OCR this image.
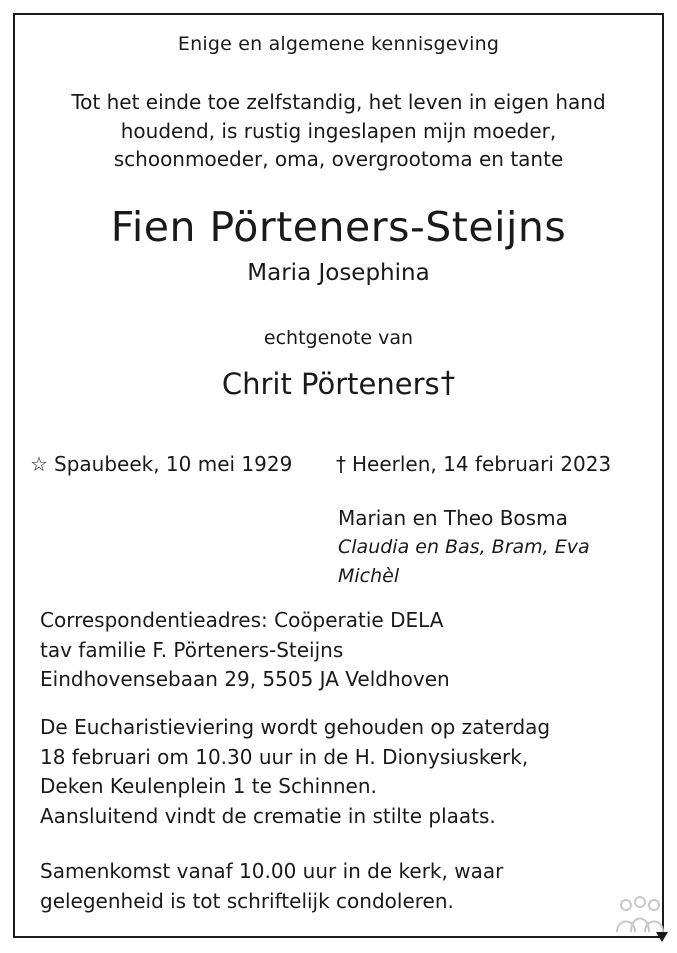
Enige en algemene kennisgeving
Tot het einde toe zelfstandig, het leven in eigen hand
houdend, is rustig ingeslapen mijn moeder,
schoonmoeder, oma, overgrootoma en tante
Fien Pörteners-Steijns
Maria Josephina
echtgenote van
Chrit Pörteners†
☆ Spaubeek, 10 mei 1929 † Heerlen, 14 februari 2023
Marian en Theo Bosma
Claudia en Bas, Bram, Eva
Michèl
Correspondentieadres: Coöperatie DELA
tav familie F. Pörteners-Steijns
Eindhovensebaan 29, 5505 JA Veldhoven
De Eucharistieviering wordt gehouden op zaterdag
18 februari om 10.30 uur in de H. Dionysiuskerk,
Deken Keulenplein 1 te Schinnen.
Aansluitend vindt de crematie in stilte plaats.
Samenkomst vanaf 10.00 uur in de kerk, waar
gelegenheid is tot schriftelijk condoleren.
